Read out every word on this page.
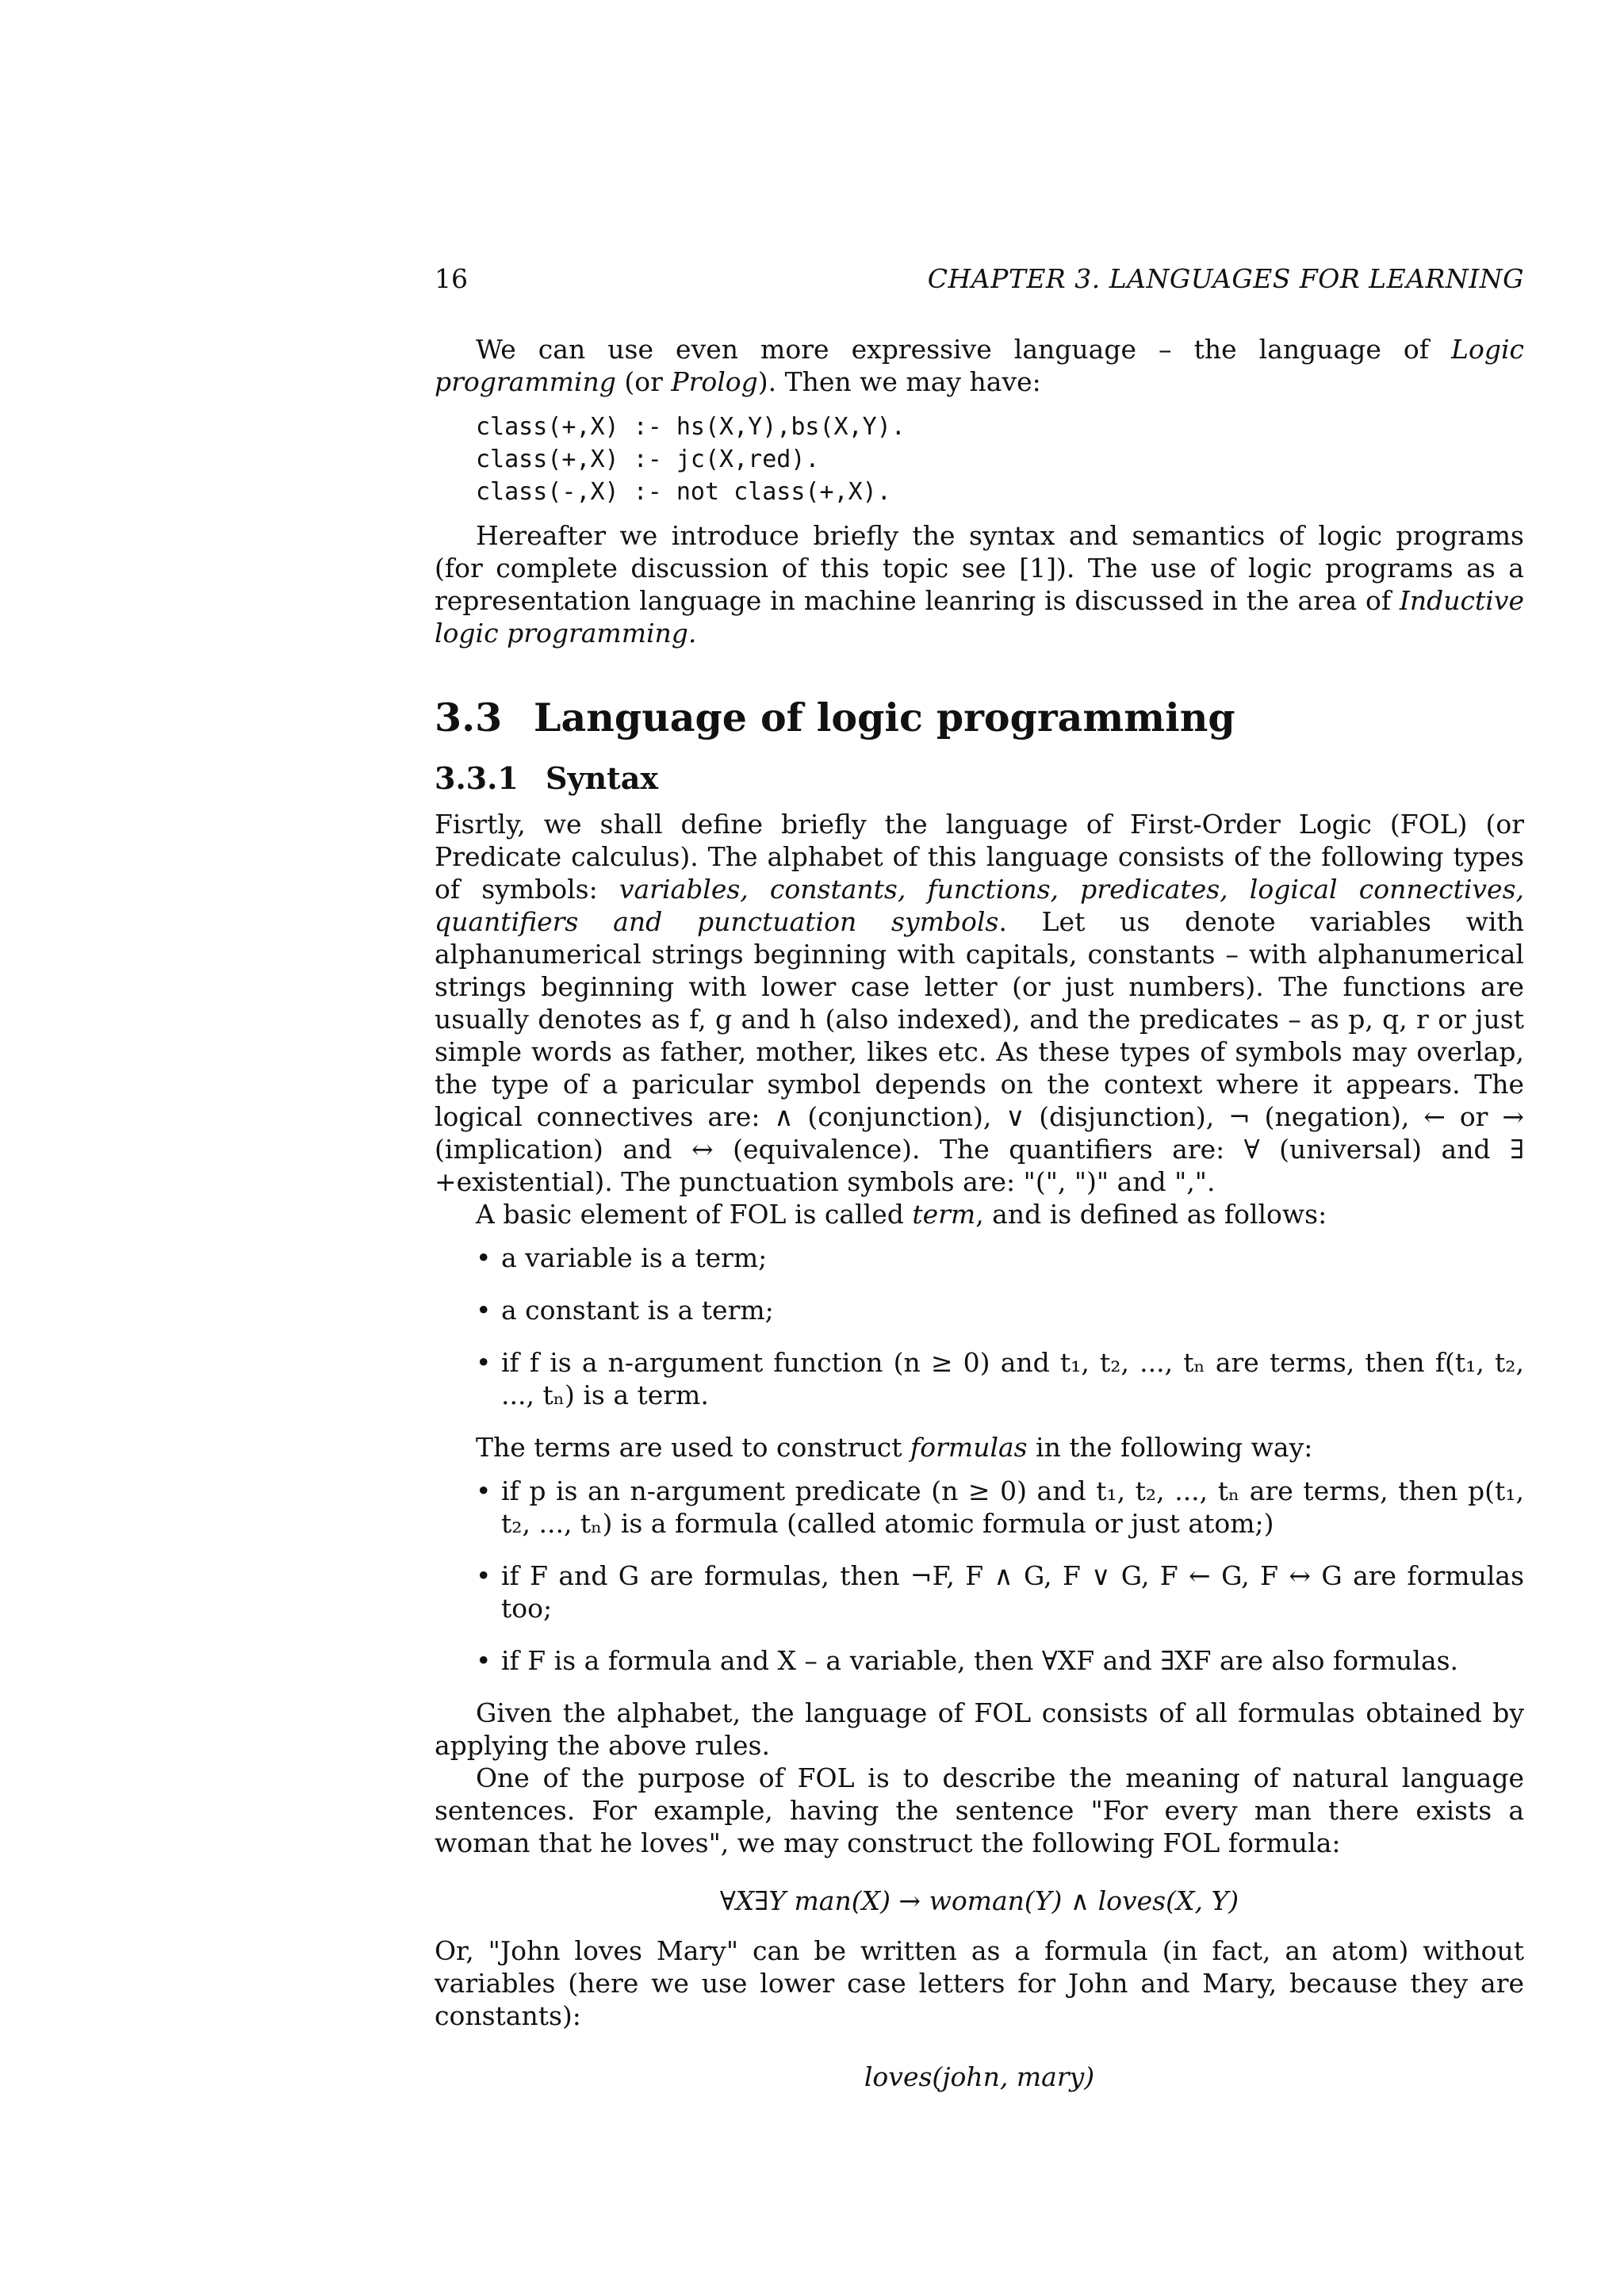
16	CHAPTER 3. LANGUAGES FOR LEARNING

We can use even more expressive language – the language of Logic programming (or Prolog). Then we may have:

class(+,X) :- hs(X,Y),bs(X,Y).
class(+,X) :- jc(X,red).
class(-,X) :- not class(+,X).

Hereafter we introduce briefly the syntax and semantics of logic programs (for complete discussion of this topic see [1]). The use of logic programs as a representation language in machine leanring is discussed in the area of Inductive logic programming.

3.3 Language of logic programming
3.3.1 Syntax

Fisrtly, we shall define briefly the language of First-Order Logic (FOL) (or Predicate calculus). The alphabet of this language consists of the following types of symbols: variables, constants, functions, predicates, logical connectives, quantifiers and punctuation symbols. Let us denote variables with alphanumerical strings beginning with capitals, constants – with alphanumerical strings beginning with lower case letter (or just numbers). The functions are usually denotes as f, g and h (also indexed), and the predicates – as p, q, r or just simple words as father, mother, likes etc. As these types of symbols may overlap, the type of a paricular symbol depends on the context where it appears. The logical connectives are: ∧ (conjunction), ∨ (disjunction), ¬ (negation), ← or → (implication) and ↔ (equivalence). The quantifiers are: ∀ (universal) and ∃ +existential). The punctuation symbols are: "(", ")" and ",".

A basic element of FOL is called term, and is defined as follows:

• a variable is a term;
• a constant is a term;
• if f is a n-argument function (n ≥ 0) and t₁, t₂, ..., tₙ are terms, then f(t₁, t₂, ..., tₙ) is a term.

The terms are used to construct formulas in the following way:

• if p is an n-argument predicate (n ≥ 0) and t₁, t₂, ..., tₙ are terms, then p(t₁, t₂, ..., tₙ) is a formula (called atomic formula or just atom;)
• if F and G are formulas, then ¬F, F ∧ G, F ∨ G, F ← G, F ↔ G are formulas too;
• if F is a formula and X – a variable, then ∀XF and ∃XF are also formulas.

Given the alphabet, the language of FOL consists of all formulas obtained by applying the above rules.

One of the purpose of FOL is to describe the meaning of natural language sentences. For example, having the sentence "For every man there exists a woman that he loves", we may construct the following FOL formula:

∀X∃Y man(X) → woman(Y) ∧ loves(X, Y)

Or, "John loves Mary" can be written as a formula (in fact, an atom) without variables (here we use lower case letters for John and Mary, because they are constants):

loves(john, mary)
